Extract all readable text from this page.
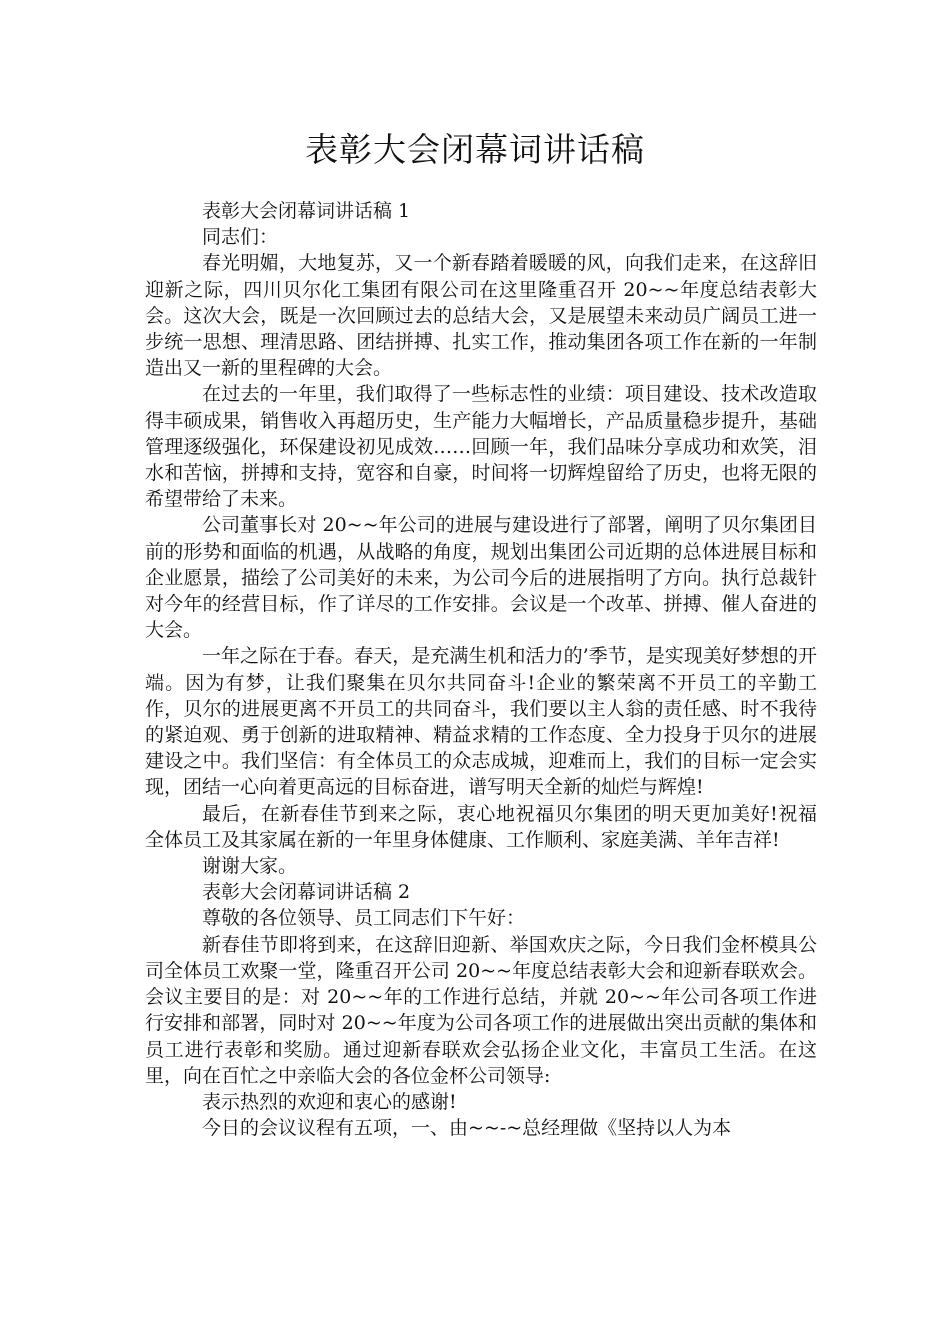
表彰大会闭幕词讲话稿

表彰大会闭幕词讲话稿 1

同志们：

春光明媚，大地复苏，又一个新春踏着暖暖的风，向我们走来，在这辞旧迎新之际，四川贝尔化工集团有限公司在这里隆重召开 20~~年度总结表彰大会。这次大会，既是一次回顾过去的总结大会，又是展望未来动员广阔员工进一步统一思想、理清思路、团结拼搏、扎实工作，推动集团各项工作在新的一年制造出又一新的里程碑的大会。

在过去的一年里，我们取得了一些标志性的业绩：项目建设、技术改造取得丰硕成果，销售收入再超历史，生产能力大幅增长，产品质量稳步提升，基础管理逐级强化，环保建设初见成效……回顾一年，我们品味分享成功和欢笑，泪水和苦恼，拼搏和支持，宽容和自豪，时间将一切辉煌留给了历史，也将无限的希望带给了未来。

公司董事长对 20~~年公司的进展与建设进行了部署，阐明了贝尔集团目前的形势和面临的机遇，从战略的角度，规划出集团公司近期的总体进展目标和企业愿景，描绘了公司美好的未来，为公司今后的进展指明了方向。执行总裁针对今年的经营目标，作了详尽的工作安排。会议是一个改革、拼搏、催人奋进的大会。

一年之际在于春。春天，是充满生机和活力的’季节，是实现美好梦想的开端。因为有梦，让我们聚集在贝尔共同奋斗!企业的繁荣离不开员工的辛勤工作，贝尔的进展更离不开员工的共同奋斗，我们要以主人翁的责任感、时不我待的紧迫观、勇于创新的进取精神、精益求精的工作态度、全力投身于贝尔的进展建设之中。我们坚信：有全体员工的众志成城，迎难而上，我们的目标一定会实现，团结一心向着更高远的目标奋进，谱写明天全新的灿烂与辉煌!

最后，在新春佳节到来之际，衷心地祝福贝尔集团的明天更加美好!祝福全体员工及其家属在新的一年里身体健康、工作顺利、家庭美满、羊年吉祥!

谢谢大家。

表彰大会闭幕词讲话稿 2

尊敬的各位领导、员工同志们下午好：

新春佳节即将到来，在这辞旧迎新、举国欢庆之际，今日我们金杯模具公司全体员工欢聚一堂，隆重召开公司 20~~年度总结表彰大会和迎新春联欢会。会议主要目的是：对 20~~年的工作进行总结，并就 20~~年公司各项工作进行安排和部署，同时对 20~~年度为公司各项工作的进展做出突出贡献的集体和员工进行表彰和奖励。通过迎新春联欢会弘扬企业文化，丰富员工生活。在这里，向在百忙之中亲临大会的各位金杯公司领导:

表示热烈的欢迎和衷心的感谢!

今日的会议议程有五项，一、由~~-~总经理做《坚持以人为本
